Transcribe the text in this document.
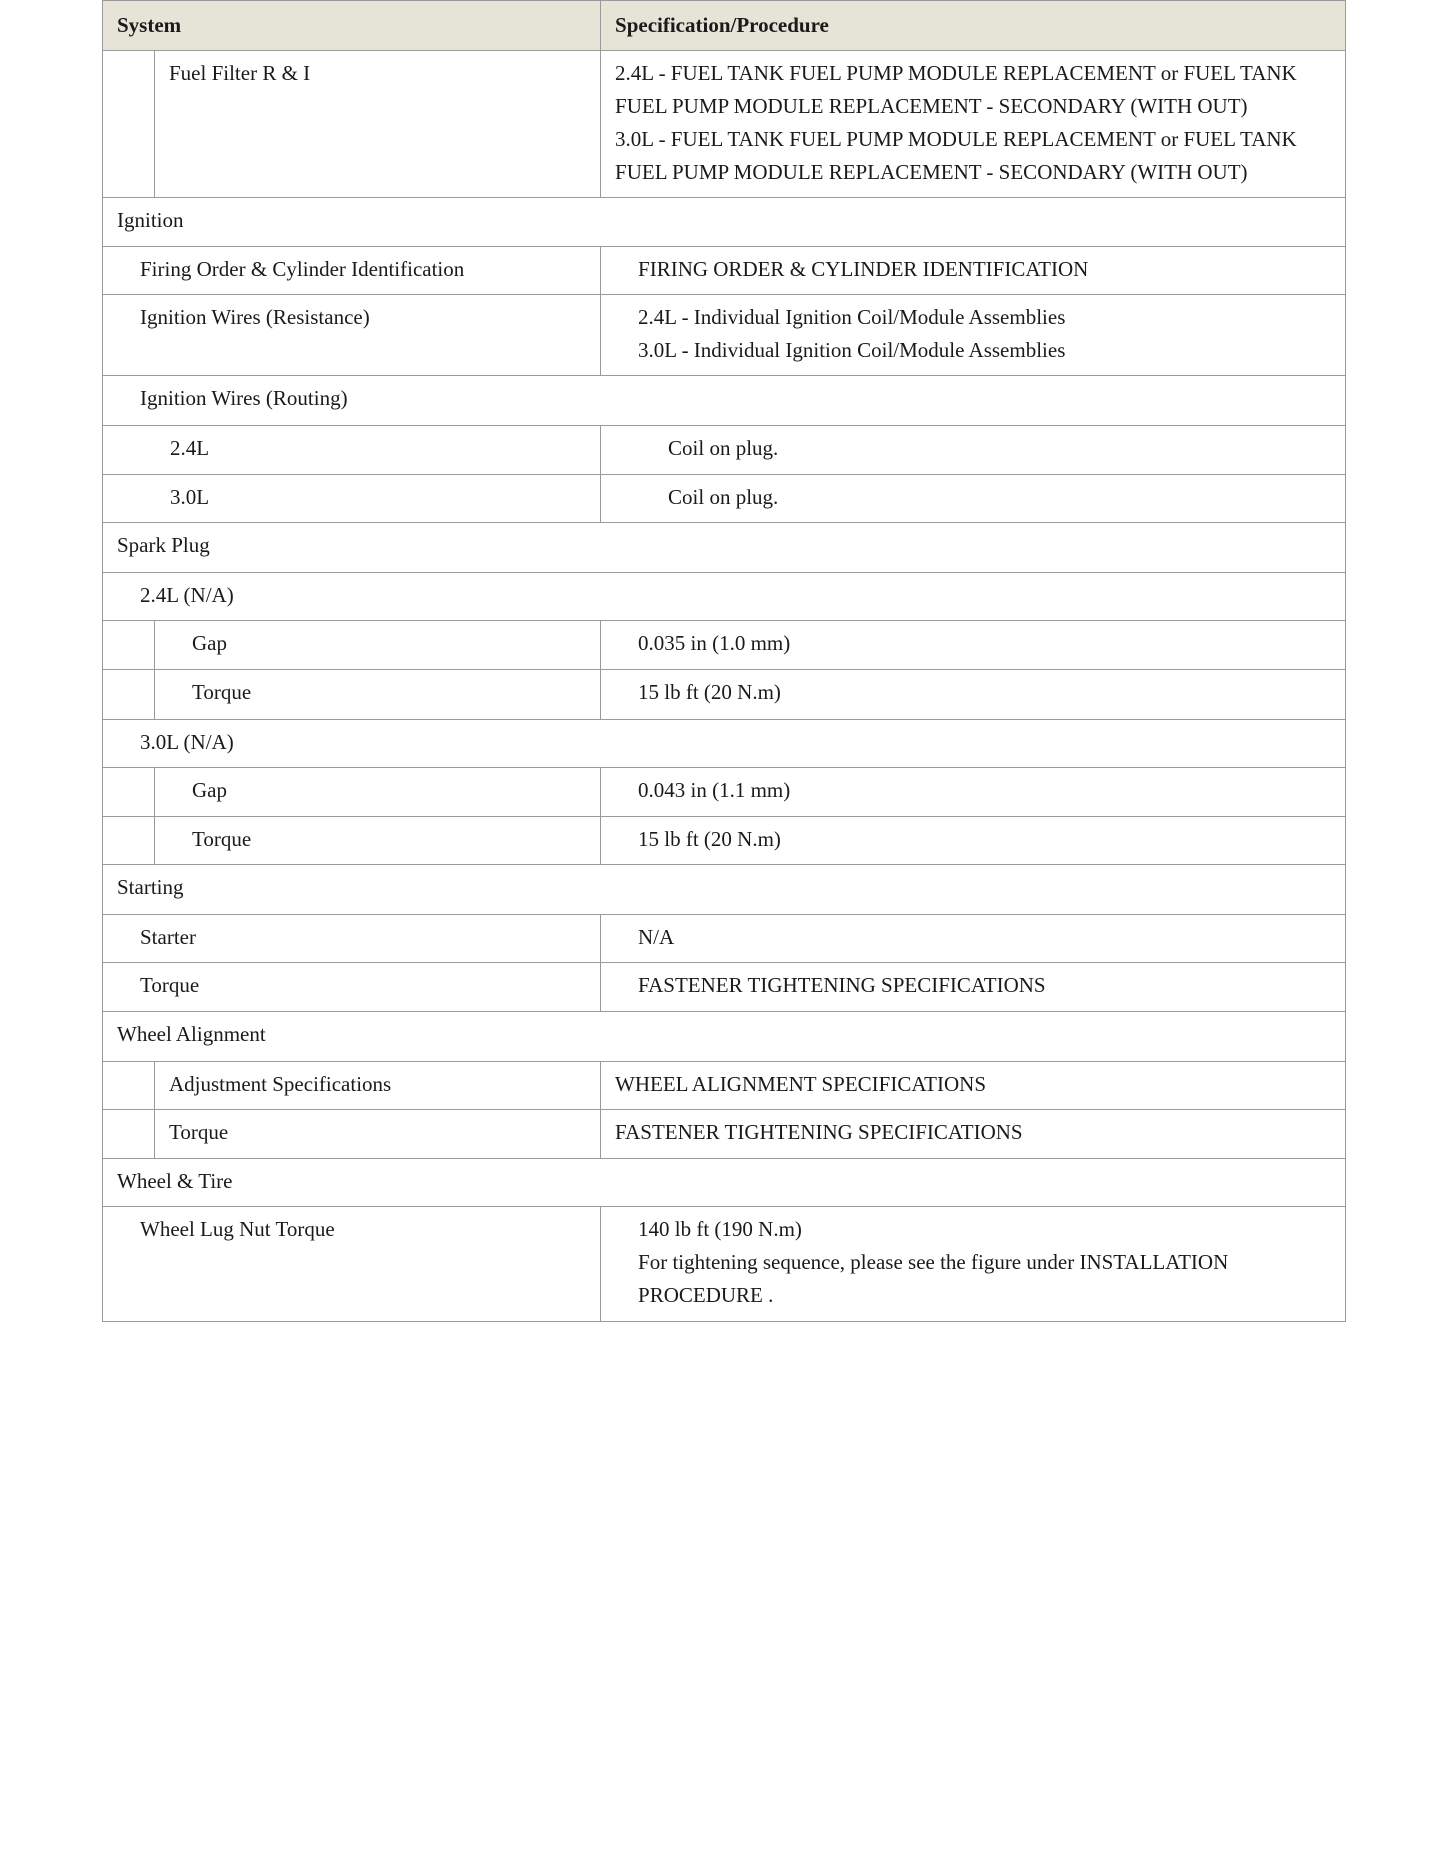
System		Specification/Procedure

	Fuel Filter R & I	2.4L - FUEL TANK FUEL PUMP MODULE REPLACEMENT or FUEL TANK FUEL PUMP MODULE REPLACEMENT - SECONDARY (WITH OUT)
3.0L - FUEL TANK FUEL PUMP MODULE REPLACEMENT or FUEL TANK FUEL PUMP MODULE REPLACEMENT - SECONDARY (WITH OUT)

Ignition		

Firing Order & Cylinder Identification		FIRING ORDER & CYLINDER IDENTIFICATION

Ignition Wires (Resistance)		2.4L - Individual Ignition Coil/Module Assemblies
3.0L - Individual Ignition Coil/Module Assemblies

Ignition Wires (Routing)		

2.4L		Coil on plug.

3.0L		Coil on plug.

Spark Plug		

2.4L (N/A)		

	Gap	0.035 in (1.0 mm)

	Torque	15 lb ft (20 N.m)

3.0L (N/A)		

	Gap	0.043 in (1.1 mm)

	Torque	15 lb ft (20 N.m)

Starting		

Starter		N/A

Torque		FASTENER TIGHTENING SPECIFICATIONS

Wheel Alignment		

	Adjustment Specifications	WHEEL ALIGNMENT SPECIFICATIONS

	Torque	FASTENER TIGHTENING SPECIFICATIONS

Wheel & Tire		

Wheel Lug Nut Torque		140 lb ft (190 N.m)
For tightening sequence, please see the figure under INSTALLATION PROCEDURE .
